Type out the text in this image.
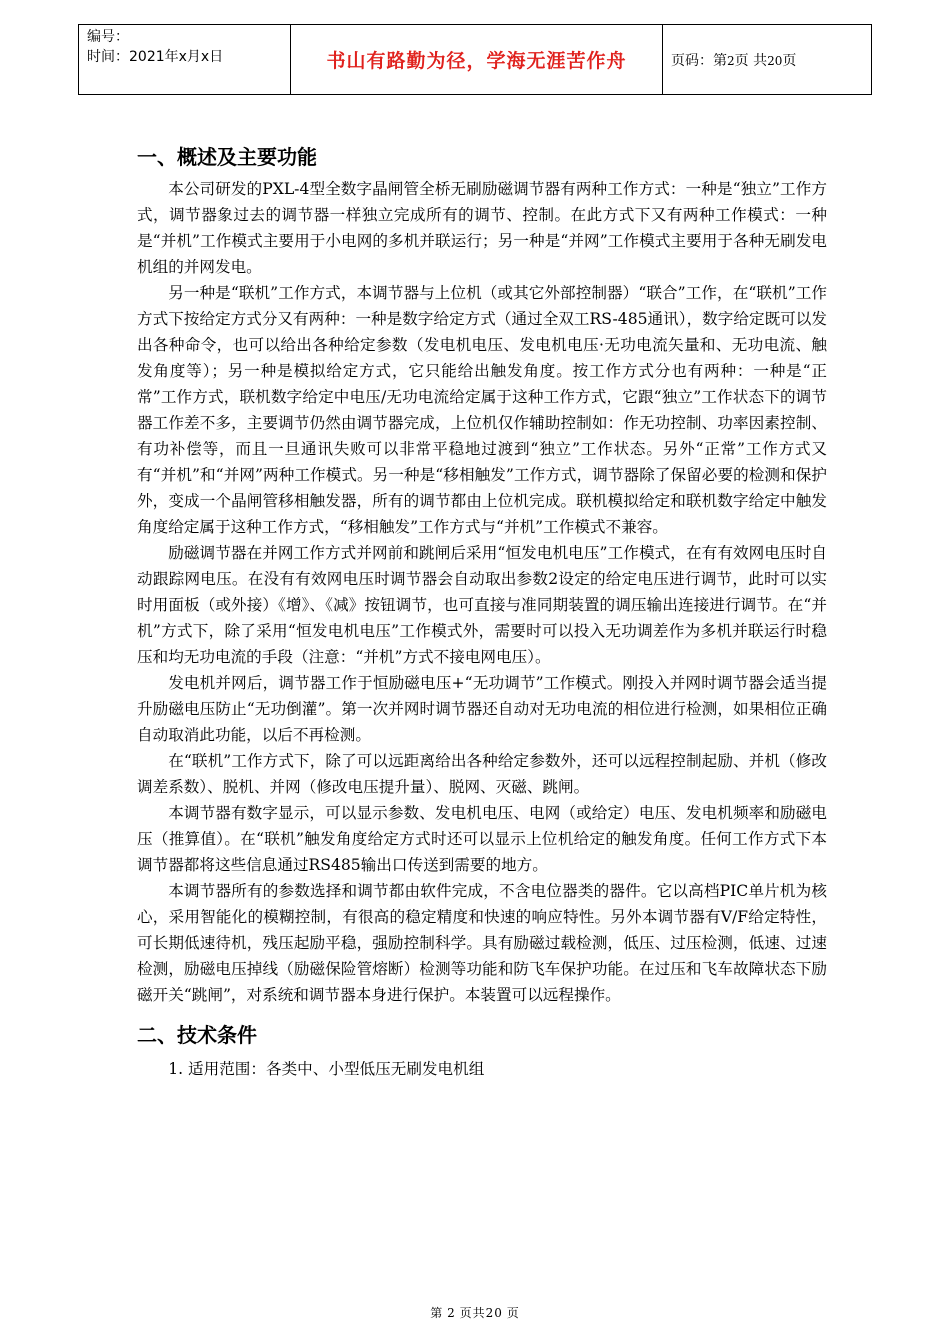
编号：
时间：2021年x月x日	书山有路勤为径，学海无涯苦作舟	页码：第2页 共20页
一、概述及主要功能

本公司研发的PXL-4型全数字晶闸管全桥无刷励磁调节器有两种工作方式：一种是“独立”工作方式，调节器象过去的调节器一样独立完成所有的调节、控制。在此方式下又有两种工作模式：一种是“并机”工作模式主要用于小电网的多机并联运行；另一种是“并网”工作模式主要用于各种无刷发电机组的并网发电。

另一种是“联机”工作方式，本调节器与上位机（或其它外部控制器）“联合”工作，在“联机”工作方式下按给定方式分又有两种：一种是数字给定方式（通过全双工RS-485通讯），数字给定既可以发出各种命令，也可以给出各种给定参数（发电机电压、发电机电压·无功电流矢量和、无功电流、触发角度等）；另一种是模拟给定方式，它只能给出触发角度。按工作方式分也有两种：一种是“正常”工作方式，联机数字给定中电压/无功电流给定属于这种工作方式，它跟“独立”工作状态下的调节器工作差不多，主要调节仍然由调节器完成，上位机仅作辅助控制如：作无功控制、功率因素控制、有功补偿等，而且一旦通讯失败可以非常平稳地过渡到“独立”工作状态。另外“正常”工作方式又有“并机”和“并网”两种工作模式。另一种是“移相触发”工作方式，调节器除了保留必要的检测和保护外，变成一个晶闸管移相触发器，所有的调节都由上位机完成。联机模拟给定和联机数字给定中触发角度给定属于这种工作方式，“移相触发”工作方式与“并机”工作模式不兼容。

励磁调节器在并网工作方式并网前和跳闸后采用“恒发电机电压”工作模式，在有有效网电压时自动跟踪网电压。在没有有效网电压时调节器会自动取出参数2设定的给定电压进行调节，此时可以实时用面板（或外接）《增》、《减》按钮调节，也可直接与准同期装置的调压输出连接进行调节。在“并机”方式下，除了采用“恒发电机电压”工作模式外，需要时可以投入无功调差作为多机并联运行时稳压和均无功电流的手段（注意：“并机”方式不接电网电压）。

发电机并网后，调节器工作于恒励磁电压+“无功调节”工作模式。刚投入并网时调节器会适当提升励磁电压防止“无功倒灌”。第一次并网时调节器还自动对无功电流的相位进行检测，如果相位正确自动取消此功能，以后不再检测。

在“联机”工作方式下，除了可以远距离给出各种给定参数外，还可以远程控制起励、并机（修改调差系数）、脱机、并网（修改电压提升量）、脱网、灭磁、跳闸。

本调节器有数字显示，可以显示参数、发电机电压、电网（或给定）电压、发电机频率和励磁电压（推算值）。在“联机”触发角度给定方式时还可以显示上位机给定的触发角度。任何工作方式下本调节器都将这些信息通过RS485输出口传送到需要的地方。

本调节器所有的参数选择和调节都由软件完成，不含电位器类的器件。它以高档PIC单片机为核心，采用智能化的模糊控制，有很高的稳定精度和快速的响应特性。另外本调节器有V/F给定特性，可长期低速待机，残压起励平稳，强励控制科学。具有励磁过载检测，低压、过压检测，低速、过速检测，励磁电压掉线（励磁保险管熔断）检测等功能和防飞车保护功能。在过压和飞车故障状态下励磁开关“跳闸”，对系统和调节器本身进行保护。本装置可以远程操作。

二、技术条件

1. 适用范围：各类中、小型低压无刷发电机组

第 2 页共20 页
